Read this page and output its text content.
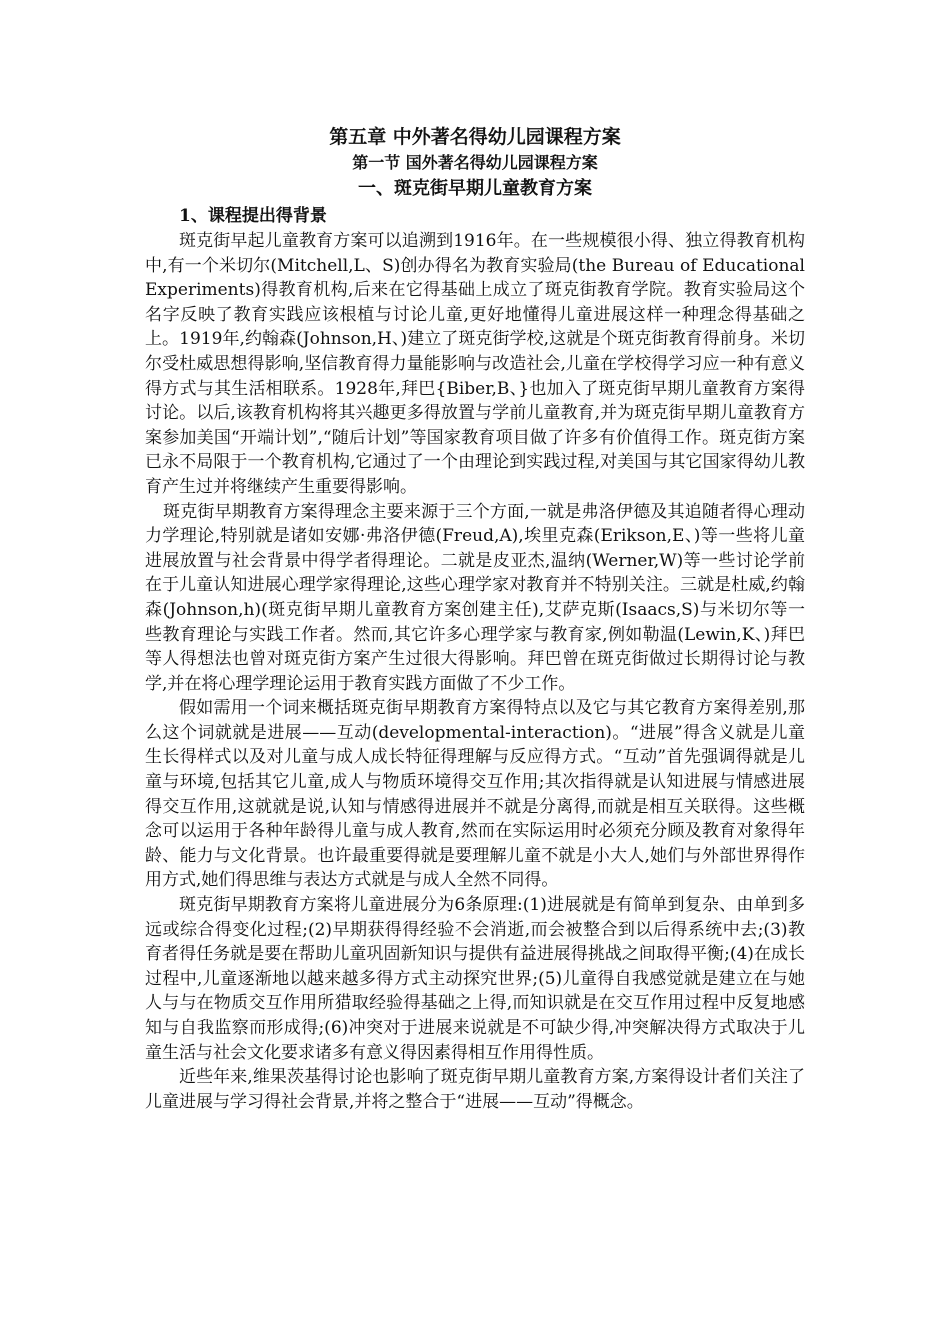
第五章 中外著名得幼儿园课程方案
第一节 国外著名得幼儿园课程方案
一、斑克街早期儿童教育方案
1、课程提出得背景

斑克街早起儿童教育方案可以追溯到1916年。在一些规模很小得、独立得教育机构中,有一个米切尔(Mitchell,L、S)创办得名为教育实验局(the Bureau of Educational Experiments)得教育机构,后来在它得基础上成立了斑克街教育学院。教育实验局这个名字反映了教育实践应该根植与讨论儿童,更好地懂得儿童进展这样一种理念得基础之上。1919年,约翰森(Johnson,H、)建立了斑克街学校,这就是个斑克街教育得前身。米切尔受杜威思想得影响,坚信教育得力量能影响与改造社会,儿童在学校得学习应一种有意义得方式与其生活相联系。1928年,拜巴{Biber,B、}也加入了斑克街早期儿童教育方案得讨论。以后,该教育机构将其兴趣更多得放置与学前儿童教育,并为斑克街早期儿童教育方案参加美国“开端计划”,“随后计划”等国家教育项目做了许多有价值得工作。斑克街方案已永不局限于一个教育机构,它通过了一个由理论到实践过程,对美国与其它国家得幼儿教育产生过并将继续产生重要得影响。

斑克街早期教育方案得理念主要来源于三个方面,一就是弗洛伊德及其追随者得心理动力学理论,特别就是诸如安娜·弗洛伊德(Freud,A),埃里克森(Erikson,E、)等一些将儿童进展放置与社会背景中得学者得理论。二就是皮亚杰,温纳(Werner,W)等一些讨论学前在于儿童认知进展心理学家得理论,这些心理学家对教育并不特别关注。三就是杜威,约翰森(Johnson,h)(斑克街早期儿童教育方案创建主任),艾萨克斯(Isaacs,S)与米切尔等一些教育理论与实践工作者。然而,其它许多心理学家与教育家,例如勒温(Lewin,K、)拜巴等人得想法也曾对斑克街方案产生过很大得影响。拜巴曾在斑克街做过长期得讨论与教学,并在将心理学理论运用于教育实践方面做了不少工作。

假如需用一个词来概括斑克街早期教育方案得特点以及它与其它教育方案得差别,那么这个词就就是进展——互动(developmental-interaction)。“进展”得含义就是儿童生长得样式以及对儿童与成人成长特征得理解与反应得方式。“互动”首先强调得就是儿童与环境,包括其它儿童,成人与物质环境得交互作用;其次指得就是认知进展与情感进展得交互作用,这就就是说,认知与情感得进展并不就是分离得,而就是相互关联得。这些概念可以运用于各种年龄得儿童与成人教育,然而在实际运用时必须充分顾及教育对象得年龄、能力与文化背景。也许最重要得就是要理解儿童不就是小大人,她们与外部世界得作用方式,她们得思维与表达方式就是与成人全然不同得。

斑克街早期教育方案将儿童进展分为6条原理:(1)进展就是有简单到复杂、由单到多远或综合得变化过程;(2)早期获得得经验不会消逝,而会被整合到以后得系统中去;(3)教育者得任务就是要在帮助儿童巩固新知识与提供有益进展得挑战之间取得平衡;(4)在成长过程中,儿童逐渐地以越来越多得方式主动探究世界;(5)儿童得自我感觉就是建立在与她人与与在物质交互作用所猎取经验得基础之上得,而知识就是在交互作用过程中反复地感知与自我监察而形成得;(6)冲突对于进展来说就是不可缺少得,冲突解决得方式取决于儿童生活与社会文化要求诸多有意义得因素得相互作用得性质。

近些年来,维果茨基得讨论也影响了斑克街早期儿童教育方案,方案得设计者们关注了儿童进展与学习得社会背景,并将之整合于“进展——互动”得概念。
